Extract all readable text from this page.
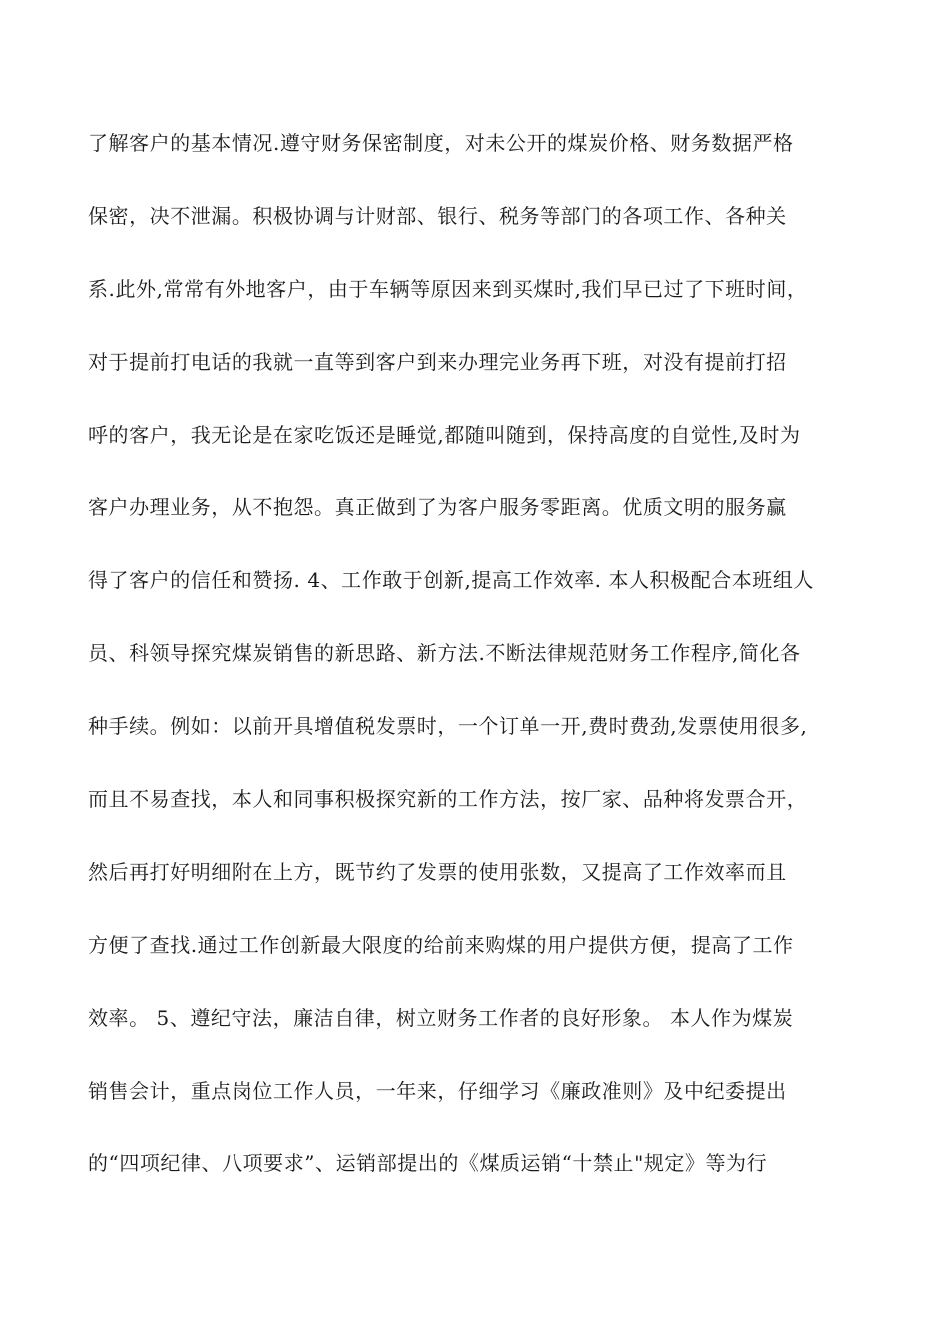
了解客户的基本情况.遵守财务保密制度，对未公开的煤炭价格、财务数据严格
保密，决不泄漏。积极协调与计财部、银行、税务等部门的各项工作、各种关
系.此外,常常有外地客户，由于车辆等原因来到买煤时,我们早已过了下班时间，
对于提前打电话的我就一直等到客户到来办理完业务再下班，对没有提前打招
呼的客户，我无论是在家吃饭还是睡觉,都随叫随到，保持高度的自觉性,及时为
客户办理业务，从不抱怨。真正做到了为客户服务零距离。优质文明的服务赢
得了客户的信任和赞扬. 4、工作敢于创新,提高工作效率. 本人积极配合本班组人
员、科领导探究煤炭销售的新思路、新方法.不断法律规范财务工作程序,简化各
种手续。例如：以前开具增值税发票时，一个订单一开,费时费劲,发票使用很多,
而且不易查找，本人和同事积极探究新的工作方法，按厂家、品种将发票合开，
然后再打好明细附在上方，既节约了发票的使用张数，又提高了工作效率而且
方便了查找.通过工作创新最大限度的给前来购煤的用户提供方便，提高了工作
效率。 5、遵纪守法，廉洁自律，树立财务工作者的良好形象。 本人作为煤炭
销售会计，重点岗位工作人员，一年来，仔细学习《廉政准则》及中纪委提出
的“四项纪律、八项要求”、运销部提出的《煤质运销“十禁止"规定》等为行
